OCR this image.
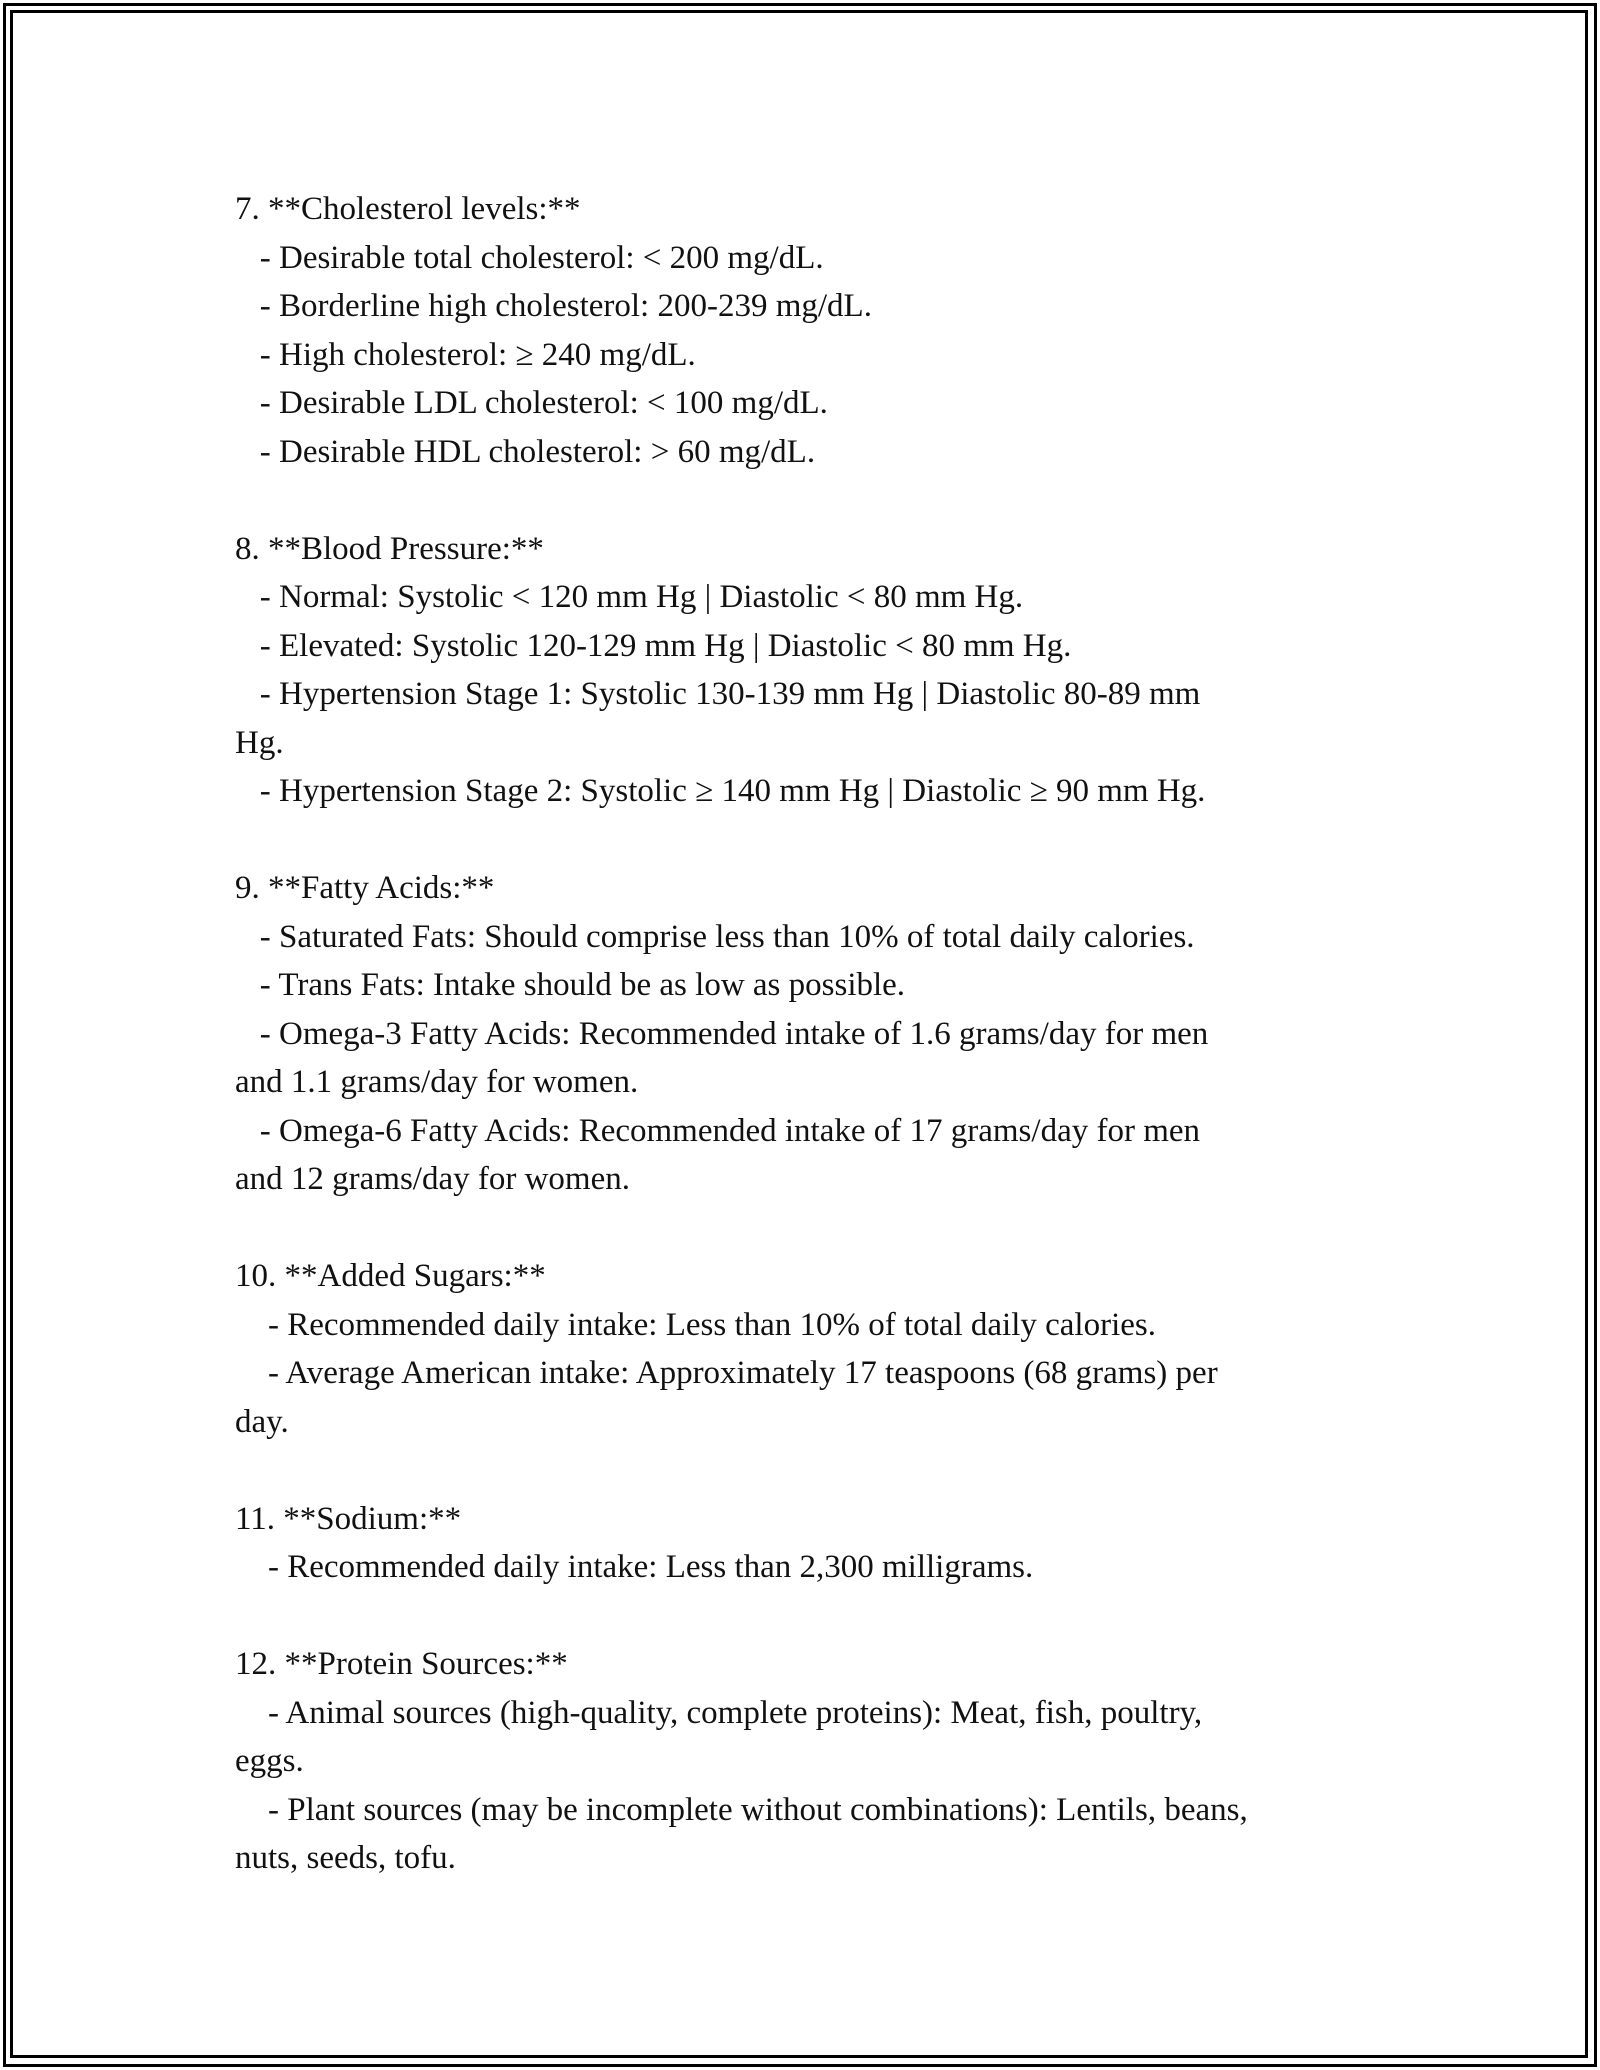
7. **Cholesterol levels:**

- Desirable total cholesterol: < 200 mg/dL.

- Borderline high cholesterol: 200-239 mg/dL.

- High cholesterol: ≥ 240 mg/dL.

- Desirable LDL cholesterol: < 100 mg/dL.

- Desirable HDL cholesterol: > 60 mg/dL.

8. **Blood Pressure:**

- Normal: Systolic < 120 mm Hg | Diastolic < 80 mm Hg.

- Elevated: Systolic 120-129 mm Hg | Diastolic < 80 mm Hg.

- Hypertension Stage 1: Systolic 130-139 mm Hg | Diastolic 80-89 mm

Hg.

- Hypertension Stage 2: Systolic ≥ 140 mm Hg | Diastolic ≥ 90 mm Hg.

9. **Fatty Acids:**

- Saturated Fats: Should comprise less than 10% of total daily calories.

- Trans Fats: Intake should be as low as possible.

- Omega-3 Fatty Acids: Recommended intake of 1.6 grams/day for men

and 1.1 grams/day for women.

- Omega-6 Fatty Acids: Recommended intake of 17 grams/day for men

and 12 grams/day for women.

10. **Added Sugars:**

- Recommended daily intake: Less than 10% of total daily calories.

- Average American intake: Approximately 17 teaspoons (68 grams) per

day.

11. **Sodium:**

- Recommended daily intake: Less than 2,300 milligrams.

12. **Protein Sources:**

- Animal sources (high-quality, complete proteins): Meat, fish, poultry,

eggs.

- Plant sources (may be incomplete without combinations): Lentils, beans,

nuts, seeds, tofu.
